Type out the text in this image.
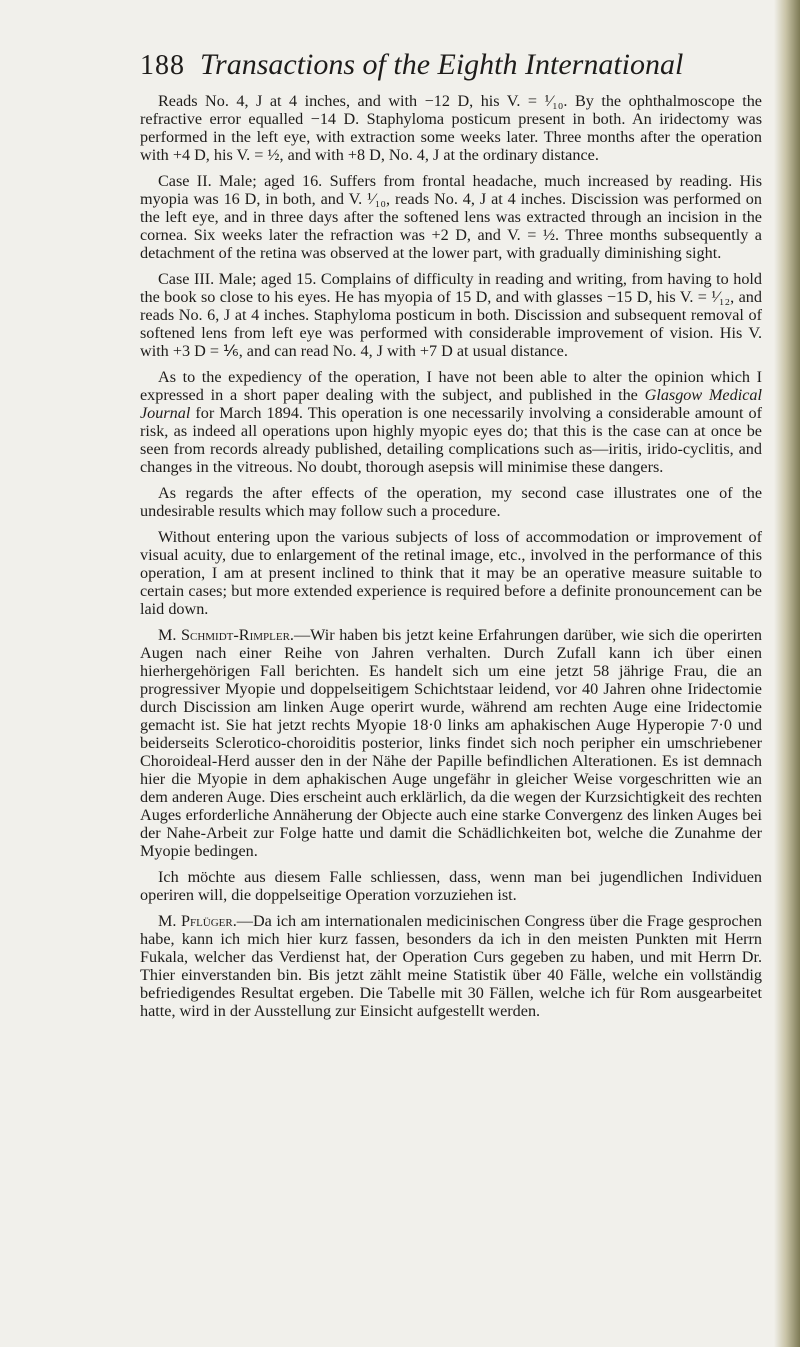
188 Transactions of the Eighth International

Reads No. 4, J at 4 inches, and with −12 D, his V. = ¹⁄₁₀. By the ophthalmoscope the refractive error equalled −14 D. Staphyloma posticum present in both. An iridectomy was performed in the left eye, with extraction some weeks later. Three months after the operation with +4 D, his V. = ½, and with +8 D, No. 4, J at the ordinary distance.

Case II. Male; aged 16. Suffers from frontal headache, much increased by reading. His myopia was 16 D, in both, and V. ¹⁄₁₀, reads No. 4, J at 4 inches. Discission was performed on the left eye, and in three days after the softened lens was extracted through an incision in the cornea. Six weeks later the refraction was +2 D, and V. = ½. Three months subsequently a detachment of the retina was observed at the lower part, with gradually diminishing sight.

Case III. Male; aged 15. Complains of difficulty in reading and writing, from having to hold the book so close to his eyes. He has myopia of 15 D, and with glasses −15 D, his V. = ¹⁄₁₂, and reads No. 6, J at 4 inches. Staphyloma posticum in both. Discission and subsequent removal of softened lens from left eye was performed with considerable improvement of vision. His V. with +3 D = ⅙, and can read No. 4, J with +7 D at usual distance.

As to the expediency of the operation, I have not been able to alter the opinion which I expressed in a short paper dealing with the subject, and published in the Glasgow Medical Journal for March 1894. This operation is one necessarily involving a considerable amount of risk, as indeed all operations upon highly myopic eyes do; that this is the case can at once be seen from records already published, detailing complications such as—iritis, irido-cyclitis, and changes in the vitreous. No doubt, thorough asepsis will minimise these dangers.

As regards the after effects of the operation, my second case illustrates one of the undesirable results which may follow such a procedure.

Without entering upon the various subjects of loss of accommodation or improvement of visual acuity, due to enlargement of the retinal image, etc., involved in the performance of this operation, I am at present inclined to think that it may be an operative measure suitable to certain cases; but more extended experience is required before a definite pronouncement can be laid down.

M. Schmidt-Rimpler.—Wir haben bis jetzt keine Erfahrungen darüber, wie sich die operirten Augen nach einer Reihe von Jahren verhalten. Durch Zufall kann ich über einen hierhergehörigen Fall berichten. Es handelt sich um eine jetzt 58 jährige Frau, die an progressiver Myopie und doppelseitigem Schichtstaar leidend, vor 40 Jahren ohne Iridectomie durch Discission am linken Auge operirt wurde, während am rechten Auge eine Iridectomie gemacht ist. Sie hat jetzt rechts Myopie 18·0 links am aphakischen Auge Hyperopie 7·0 und beiderseits Sclerotico-choroiditis posterior, links findet sich noch peripher ein umschriebener Choroideal-Herd ausser den in der Nähe der Papille befindlichen Alterationen. Es ist demnach hier die Myopie in dem aphakischen Auge ungefähr in gleicher Weise vorgeschritten wie an dem anderen Auge. Dies erscheint auch erklärlich, da die wegen der Kurzsichtigkeit des rechten Auges erforderliche Annäherung der Objecte auch eine starke Convergenz des linken Auges bei der Nahe-Arbeit zur Folge hatte und damit die Schädlichkeiten bot, welche die Zunahme der Myopie bedingen.

Ich möchte aus diesem Falle schliessen, dass, wenn man bei jugendlichen Individuen operiren will, die doppelseitige Operation vorzuziehen ist.

M. Pflüger.—Da ich am internationalen medicinischen Congress über die Frage gesprochen habe, kann ich mich hier kurz fassen, besonders da ich in den meisten Punkten mit Herrn Fukala, welcher das Verdienst hat, der Operation Curs gegeben zu haben, und mit Herrn Dr. Thier einverstanden bin. Bis jetzt zählt meine Statistik über 40 Fälle, welche ein vollständig befriedigendes Resultat ergeben. Die Tabelle mit 30 Fällen, welche ich für Rom ausgearbeitet hatte, wird in der Ausstellung zur Einsicht aufgestellt werden.
